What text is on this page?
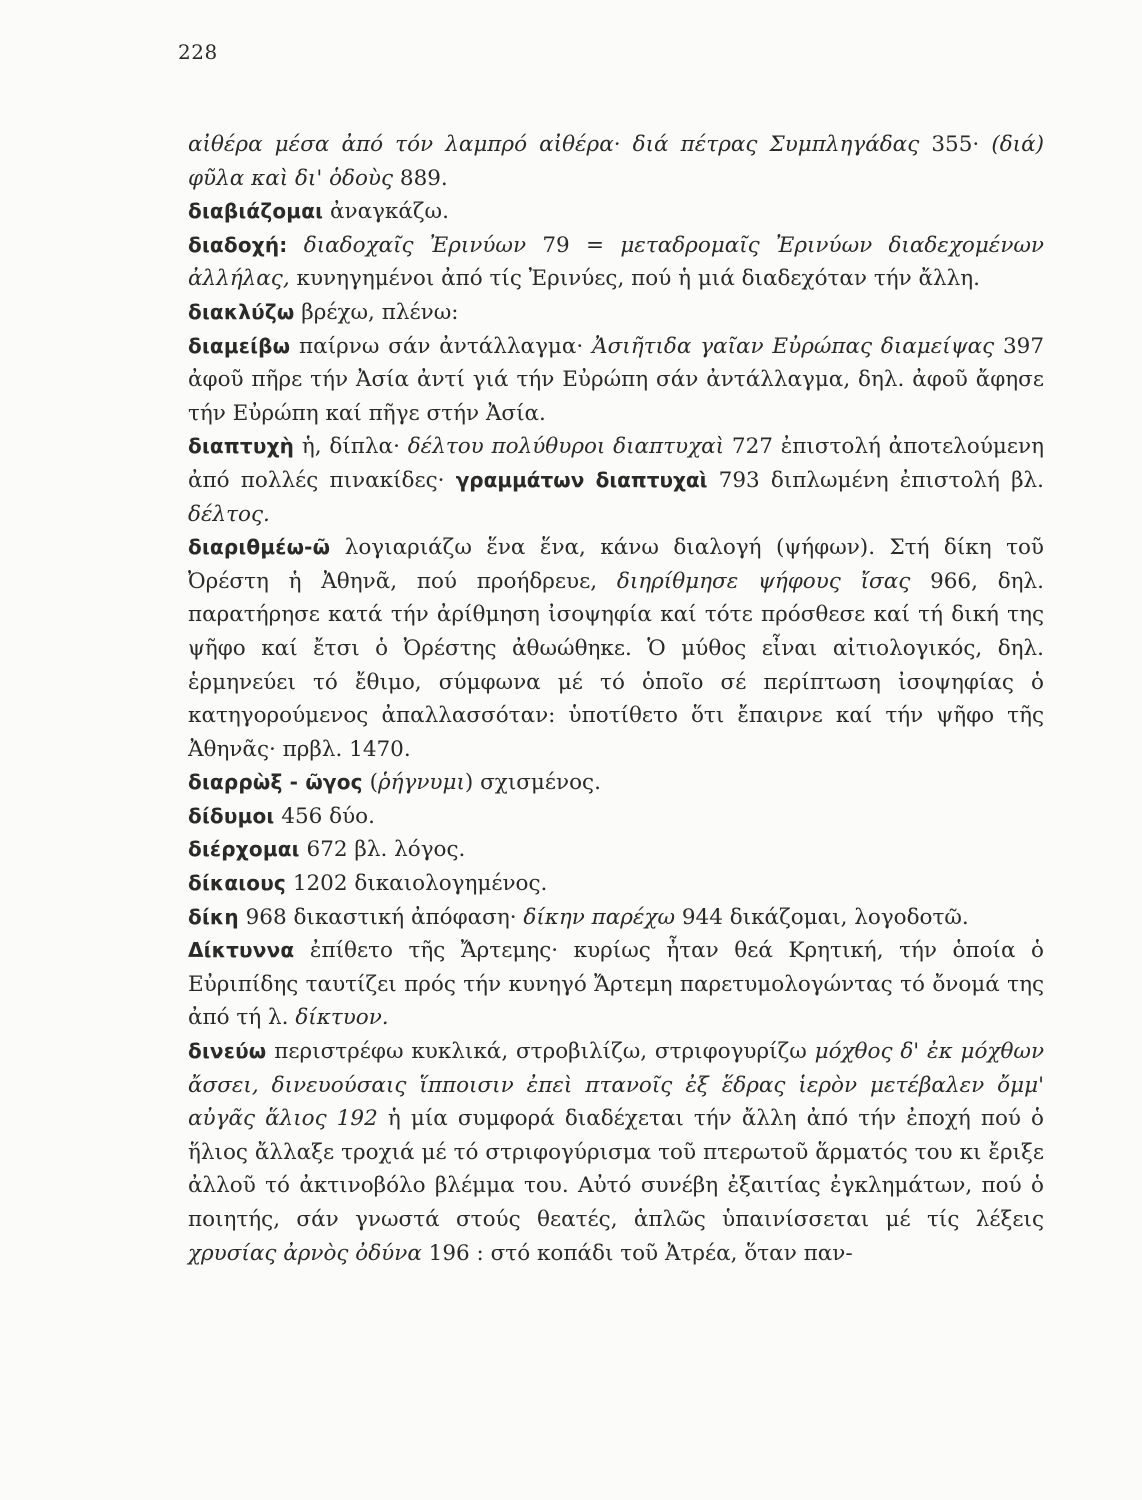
228

αἰθέρα μέσα ἀπό τόν λαμπρό αἰθέρα· διά πέτρας Συμπληγάδας 355· (διά) φῦλα καὶ δι' ὁδοὺς 889.

διαβιάζομαι ἀναγκάζω.

διαδοχή: διαδοχαῖς Ἐρινύων 79 = μεταδρομαῖς Ἐρινύων διαδεχομένων ἀλλήλας, κυνηγημένοι ἀπό τίς Ἐρινύες, πού ἡ μιά διαδεχόταν τήν ἄλλη.

διακλύζω βρέχω, πλένω:

διαμείβω παίρνω σάν ἀντάλλαγμα· Ἀσιῆτιδα γαῖαν Εὐρώπας διαμείψας 397 ἀφοῦ πῆρε τήν Ἀσία ἀντί γιά τήν Εὐρώπη σάν ἀντάλλαγμα, δηλ. ἀφοῦ ἄφησε τήν Εὐρώπη καί πῆγε στήν Ἀσία.

διαπτυχὴ ἡ, δίπλα· δέλτου πολύθυροι διαπτυχαὶ 727 ἐπιστολή ἀποτελούμενη ἀπό πολλές πινακίδες· γραμμάτων διαπτυχαὶ 793 διπλωμένη ἐπιστολή βλ. δέλτος.

διαριθμέω-ῶ λογιαριάζω ἕνα ἕνα, κάνω διαλογή (ψήφων). Στή δίκη τοῦ Ὀρέστη ἡ Ἀθηνᾶ, πού προήδρευε, διηρίθμησε ψήφους ἴσας 966, δηλ. παρατήρησε κατά τήν ἀρίθμηση ἰσοψηφία καί τότε πρόσθεσε καί τή δική της ψῆφο καί ἔτσι ὁ Ὀρέστης ἀθωώθηκε. Ὁ μύθος εἶναι αἰτιολογικός, δηλ. ἑρμηνεύει τό ἔθιμο, σύμφωνα μέ τό ὁποῖο σέ περίπτωση ἰσοψηφίας ὁ κατηγορούμενος ἀπαλλασσόταν: ὑποτίθετο ὅτι ἔπαιρνε καί τήν ψῆφο τῆς Ἀθηνᾶς· πρβλ. 1470.

διαρρὼξ - ῶγος (ῥήγνυμι) σχισμένος.

δίδυμοι 456 δύο.

διέρχομαι 672 βλ. λόγος.

δίκαιους 1202 δικαιολογημένος.

δίκη 968 δικαστική ἀπόφαση· δίκην παρέχω 944 δικάζομαι, λογοδοτῶ.

Δίκτυννα ἐπίθετο τῆς Ἄρτεμης· κυρίως ἦταν θεά Κρητική, τήν ὁποία ὁ Εὐριπίδης ταυτίζει πρός τήν κυνηγό Ἄρτεμη παρετυμολογώντας τό ὄνομά της ἀπό τή λ. δίκτυον.

δινεύω περιστρέφω κυκλικά, στροβιλίζω, στριφογυρίζω μόχθος δ' ἐκ μόχθων ἄσσει, δινευούσαις ἵπποισιν ἐπεὶ πτανοῖς ἐξ ἕδρας ἱερὸν μετέβαλεν ὄμμ' αὐγᾶς ἅλιος 192 ἡ μία συμφορά διαδέχεται τήν ἄλλη ἀπό τήν ἐποχή πού ὁ ἥλιος ἄλλαξε τροχιά μέ τό στριφογύρισμα τοῦ πτερωτοῦ ἅρματός του κι ἔριξε ἀλλοῦ τό ἀκτινοβόλο βλέμμα του. Αὐτό συνέβη ἐξαιτίας ἐγκλημάτων, πού ὁ ποιητής, σάν γνωστά στούς θεατές, ἁπλῶς ὑπαινίσσεται μέ τίς λέξεις χρυσίας ἀρνὸς ὀδύνα 196 : στό κοπάδι τοῦ Ἀτρέα, ὅταν παν-
